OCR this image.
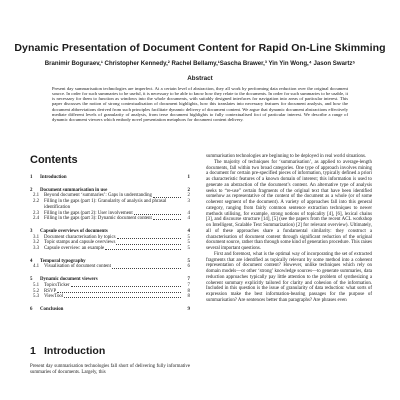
Dynamic Presentation of Document Content for Rapid On-Line Skimming
Branimir Boguraev,¹ Christopher Kennedy,² Rachel Bellamy,¹Sascha Brawer,³ Yin Yin Wong,⁴ Jason Swartz⁵
Abstract
Present day summarisation technologies are imperfect. At a certain level of abstraction, they all work by performing data reduction over the original document source. In order for such summaries to be useful, it is necessary to be able to know how they relate to the documents. In order for such summaries to be usable, it is necessary for them to function as windows into the whole documents, with suitably designed interfaces for navigation into areas of particular interest. This paper discusses the notion of strong contextualisation of document highlights, how this translates into necessary features for document analysis, and how the document abbreviations derived from such principles facilitate dynamic delivery of document content. We argue that dynamic document abstractions effectively mediate different levels of granularity of analysis, from terse document highlights to fully contextualised foci of particular interest. We describe a range of dynamic document viewers which embody novel presentation metaphors for document content delivery.
Contents
1	Introduction	1
2	Document summarisation in use	2
2.1 Beyond document ‘summaries’: Gaps in understanding	2
2.2 Filling in the gaps (part 1): Granularity of analysis and phrasal identification
3
2.3 Filling in the gaps (part 2): User involvement	4
2.4 Filling in the gaps (part 3): Dynamic document content	4
3	Capsule overviews of documents	4
3.1 Document characterisation by topics	5
3.2 Topic stamps and capsule overviews	5
3.3 Capsule overview: an example	5
4	Temporal typography	5
4.1 Visualisation of document content	6
5	Dynamic document viewers	7
5.1 TopicsTicker	7
5.2 RSVP	8
5.3 ViewTool	8
6	Conclusion	9
1 Introduction
Present day summarisation technologies fall short of delivering fully informative summaries of documents. Largely, this

summarisation technologies are beginning to be deployed in real world situations.

The majority of techniques for ‘summarisation’, as applied to average-length documents, fall within two broad categories. One type of approach involves mining a document for certain pre-specified pieces of information, typically defined a priori as characteristic features of a known domain of interest; this information is used to generate an abstraction of the document’s content. An alternative type of analysis seeks to “re-use” certain fragments of the original text that have been identified somehow as representative of the content of the document as a whole (or of some coherent segment of the document). A variety of approaches fall into this general category, ranging from fairly common sentence extraction techniques to newer methods utilising, for example, strong notions of topicality [4], [6], lexical chains [3], and discourse structure [14], [5] (see the papers from the recent ACL workshop on Intelligent, Scalable Text Summarization) [2] for relevant overview). Ultimately, all of these approaches share a fundamental similarity: they construct a characterisation of document content through significant reduction of the original document source, rather than through some kind of generation procedure. This raises several important questions.

First and foremost, what is the optimal way of incorporating the set of extracted fragments that are identified as topically relevant by some method into a coherent representation of document content? However, unlike techniques which rely on domain models—or other ‘strong’ knowledge sources—to generate summaries, data reduction approaches typically pay little attention to the problem of synthesizing a coherent summary explicitly tailored for clarity and cohesion of the information. Included in this question is the issue of granularity of data reduction: what sorts of expression make the best information-bearing passages for the purpose of summarisation? Are sentences better than paragraphs? Are phrases even
